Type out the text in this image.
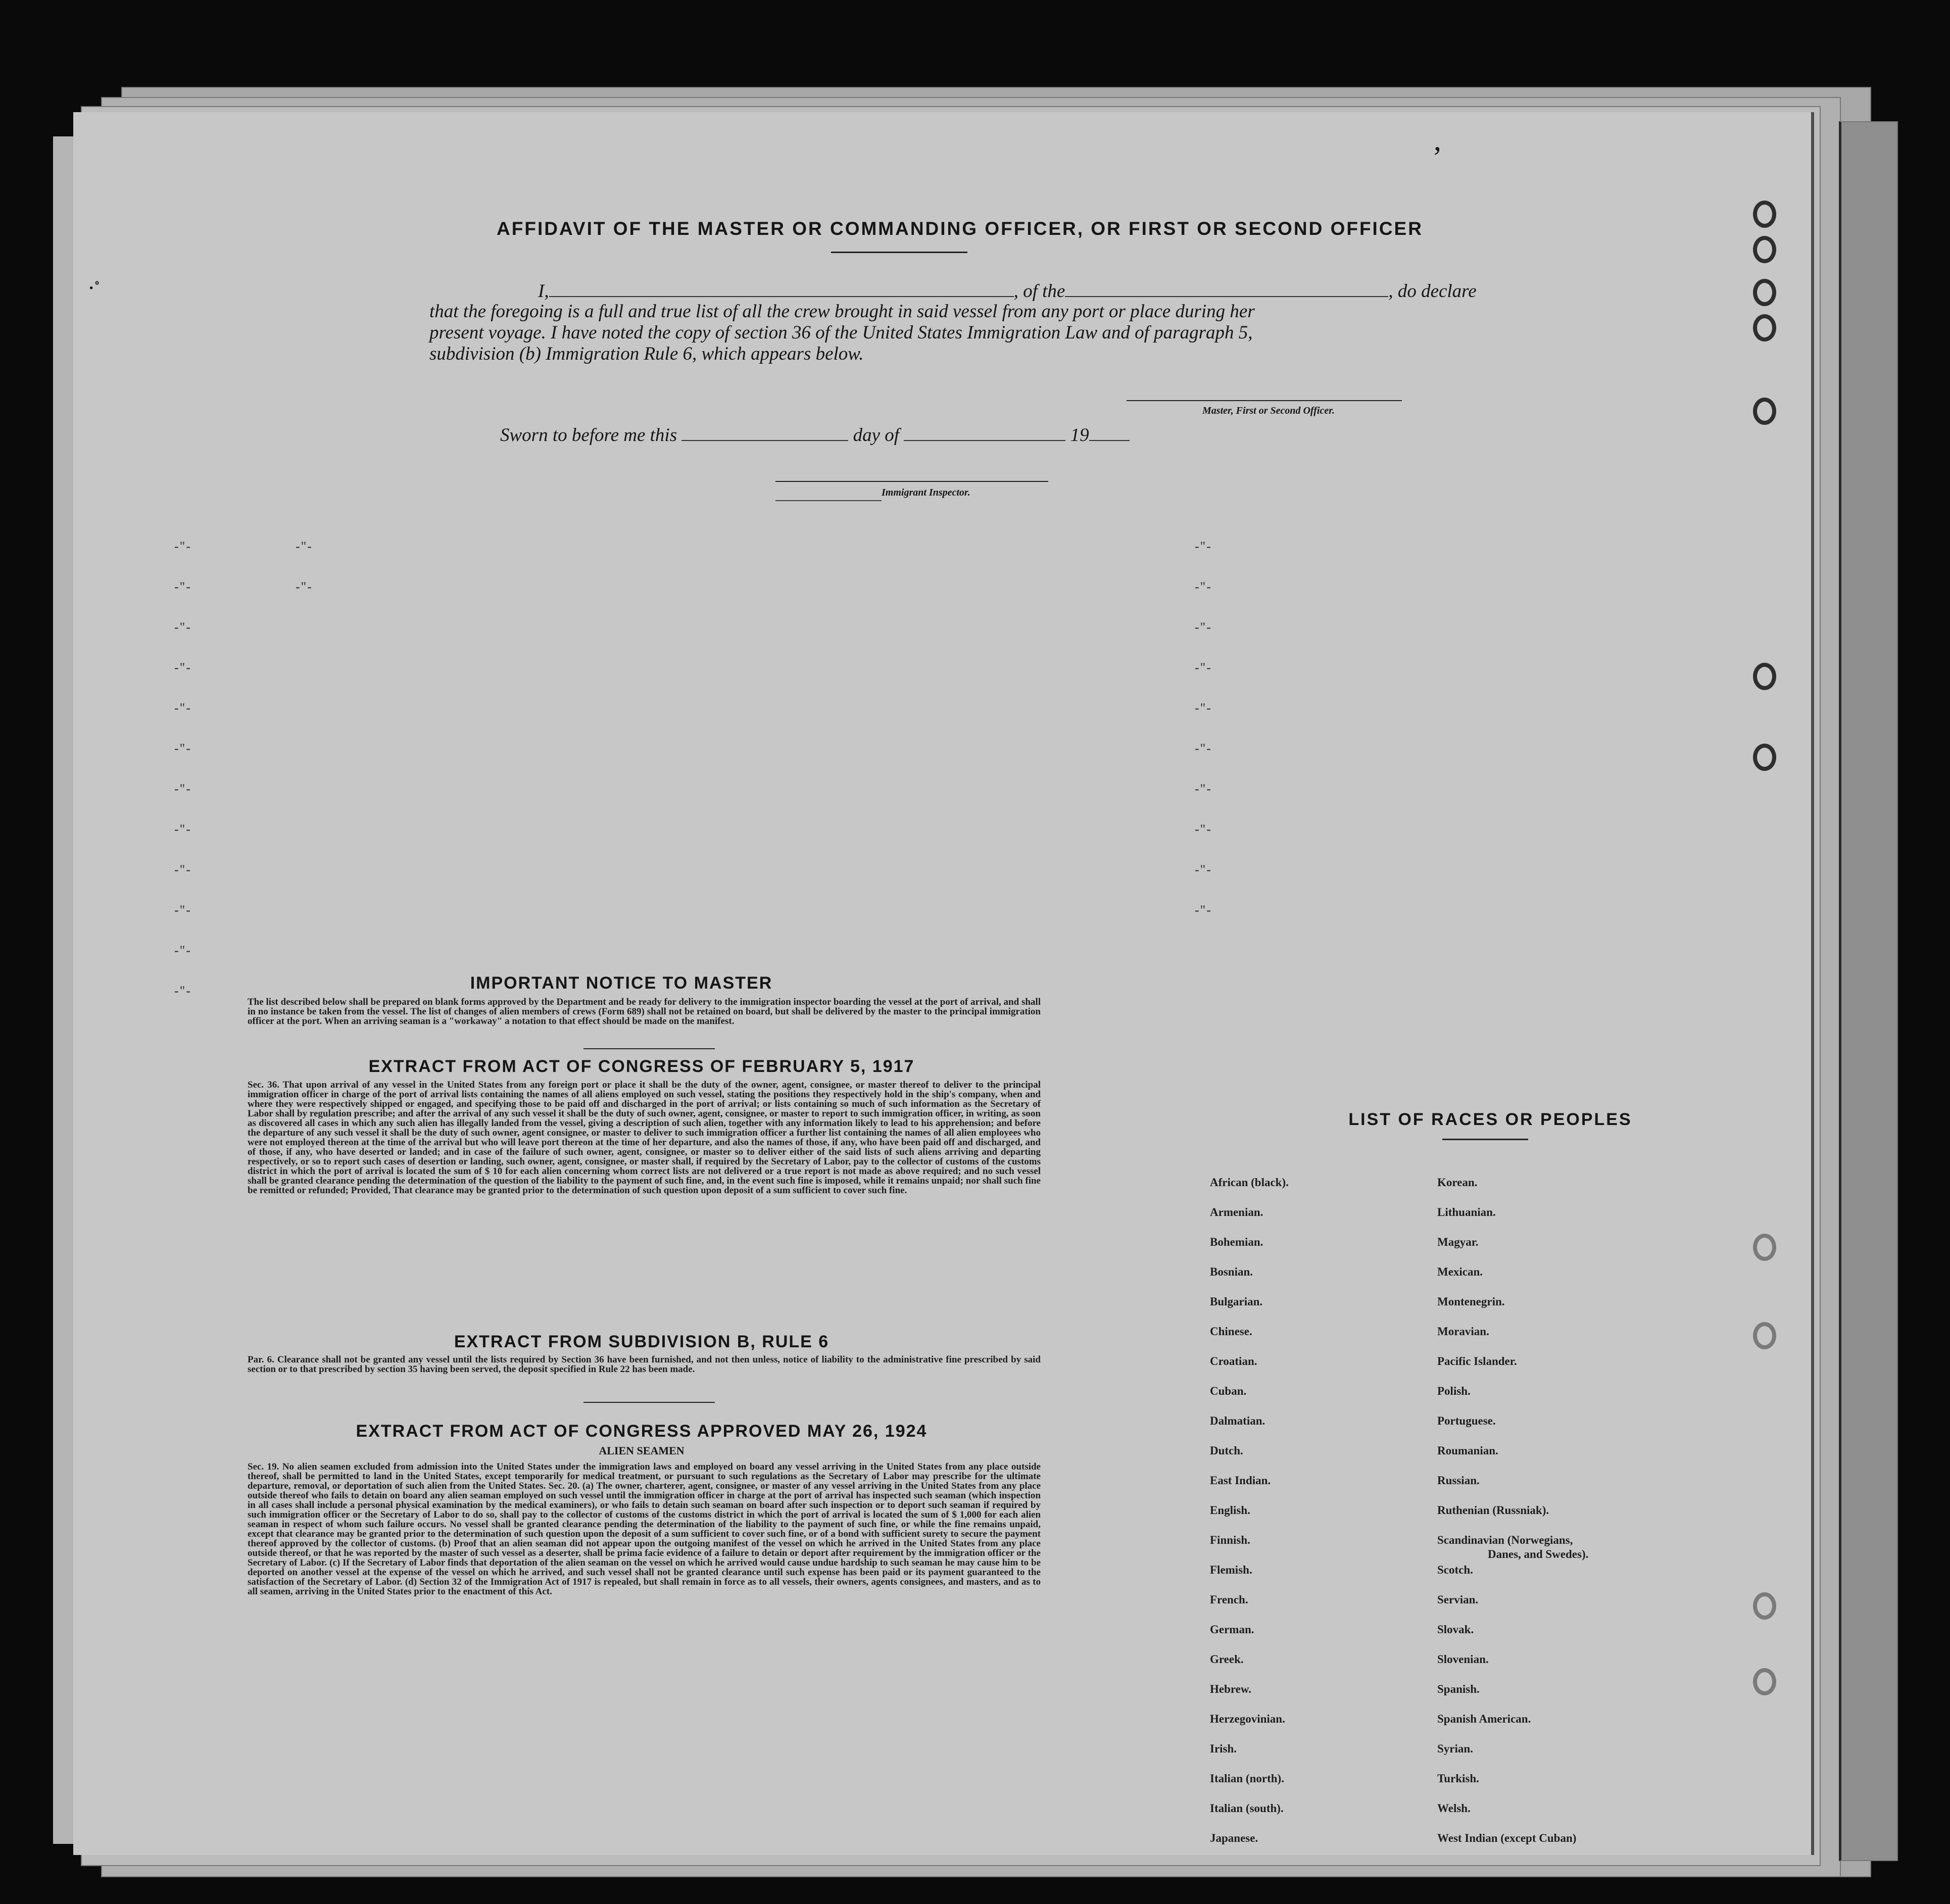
·˚
’
AFFIDAVIT OF THE MASTER OR COMMANDING OFFICER, OR FIRST OR SECOND OFFICER
I,	, of the	, do declare
that the foregoing is a full and true list of all the crew brought in said vessel from any port or place during her
present voyage. I have noted the copy of section 36 of the United States Immigration Law and of paragraph 5,
subdivision (b) Immigration Rule 6, which appears below.
Master, First or Second Officer.
Sworn to before me this	day of	19
Immigrant Inspector.
-"-	-"-	-"-
-"-	-"-	-"-
-"-	-"-
-"-	-"-
-"-	-"-
-"-	-"-
-"-	-"-
-"-	-"-
-"-	-"-
-"-	-"-
-"-
-"-	IMPORTANT NOTICE TO MASTER
The list described below shall be prepared on blank forms approved by the Department and be ready for delivery to the immigration inspector boarding the vessel at the port of arrival, and shall in no instance be taken from the vessel. The list of changes of alien members of crews (Form 689) shall not be retained on board, but shall be delivered by the master to the principal immigration officer at the port. When an arriving seaman is a "workaway" a notation to that effect should be made on the manifest.
EXTRACT FROM ACT OF CONGRESS OF FEBRUARY 5, 1917
Sec. 36. That upon arrival of any vessel in the United States from any foreign port or place it shall be the duty of the owner, agent, consignee, or master thereof to deliver to the principal immigration officer in charge of the port of arrival lists containing the names of all aliens employed on such vessel, stating the positions they respectively hold in the ship's company, when and where they were respectively shipped or engaged, and specifying those to be paid off and discharged in the port of arrival; or lists containing so much of such information as the Secretary of Labor shall by regulation prescribe; and after the arrival of any such vessel it shall be the duty of such owner, agent, consignee, or master to report to such immigration officer, in writing, as soon as discovered all cases in which any such alien has illegally landed from the vessel, giving a description of such alien, together with any information likely to lead to his apprehension; and before the departure of any such vessel it shall be the duty of such owner, agent consignee, or master to deliver to such immigration officer a further list containing the names of all alien employees who were not employed thereon at the time of the arrival but who will leave port thereon at the time of her departure, and also the names of those, if any, who have been paid off and discharged, and of those, if any, who have deserted or landed; and in case of the failure of such owner, agent, consignee, or master so to deliver either of the said lists of such aliens arriving and departing respectively, or so to report such cases of desertion or landing, such owner, agent, consignee, or master shall, if required by the Secretary of Labor, pay to the collector of customs of the customs district in which the port of arrival is located the sum of $ 10 for each alien concerning whom correct lists are not delivered or a true report is not made as above required; and no such vessel shall be granted clearance pending the determination of the question of the liability to the payment of such fine, and, in the event such fine is imposed, while it remains unpaid; nor shall such fine be remitted or refunded; Provided, That clearance may be granted prior to the determination of such question upon deposit of a sum sufficient to cover such fine.
EXTRACT FROM SUBDIVISION B, RULE 6
Par. 6. Clearance shall not be granted any vessel until the lists required by Section 36 have been furnished, and not then unless, notice of liability to the administrative fine prescribed by said section or to that prescribed by section 35 having been served, the deposit specified in Rule 22 has been made.
EXTRACT FROM ACT OF CONGRESS APPROVED MAY 26, 1924
ALIEN SEAMEN
Sec. 19. No alien seamen excluded from admission into the United States under the immigration laws and employed on board any vessel arriving in the United States from any place outside thereof, shall be permitted to land in the United States, except temporarily for medical treatment, or pursuant to such regulations as the Secretary of Labor may prescribe for the ultimate departure, removal, or deportation of such alien from the United States. Sec. 20. (a) The owner, charterer, agent, consignee, or master of any vessel arriving in the United States from any place outside thereof who fails to detain on board any alien seaman employed on such vessel until the immigration officer in charge at the port of arrival has inspected such seaman (which inspection in all cases shall include a personal physical examination by the medical examiners), or who fails to detain such seaman on board after such inspection or to deport such seaman if required by such immigration officer or the Secretary of Labor to do so, shall pay to the collector of customs of the customs district in which the port of arrival is located the sum of $ 1,000 for each alien seaman in respect of whom such failure occurs. No vessel shall be granted clearance pending the determination of the liability to the payment of such fine, or while the fine remains unpaid, except that clearance may be granted prior to the determination of such question upon the deposit of a sum sufficient to cover such fine, or of a bond with sufficient surety to secure the payment thereof approved by the collector of customs. (b) Proof that an alien seaman did not appear upon the outgoing manifest of the vessel on which he arrived in the United States from any place outside thereof, or that he was reported by the master of such vessel as a deserter, shall be prima facie evidence of a failure to detain or deport after requirement by the immigration officer or the Secretary of Labor. (c) If the Secretary of Labor finds that deportation of the alien seaman on the vessel on which he arrived would cause undue hardship to such seaman he may cause him to be deported on another vessel at the expense of the vessel on which he arrived, and such vessel shall not be granted clearance until such expense has been paid or its payment guaranteed to the satisfaction of the Secretary of Labor. (d) Section 32 of the Immigration Act of 1917 is repealed, but shall remain in force as to all vessels, their owners, agents consignees, and masters, and as to all seamen, arriving in the United States prior to the enactment of this Act.
LIST OF RACES OR PEOPLES
African (black).
Armenian.
Bohemian.
Bosnian.
Bulgarian.
Chinese.
Croatian.
Cuban.
Dalmatian.
Dutch.
East Indian.
English.
Finnish.
Flemish.
French.
German.
Greek.
Hebrew.
Herzegovinian.
Irish.
Italian (north).
Italian (south).
Japanese.
Korean.
Lithuanian.
Magyar.
Mexican.
Montenegrin.
Moravian.
Pacific Islander.
Polish.
Portuguese.
Roumanian.
Russian.
Ruthenian (Russniak).
Scandinavian (Norwegians,
Danes, and Swedes).
Scotch.
Servian.
Slovak.
Slovenian.
Spanish.
Spanish American.
Syrian.
Turkish.
Welsh.
West Indian (except Cuban)
